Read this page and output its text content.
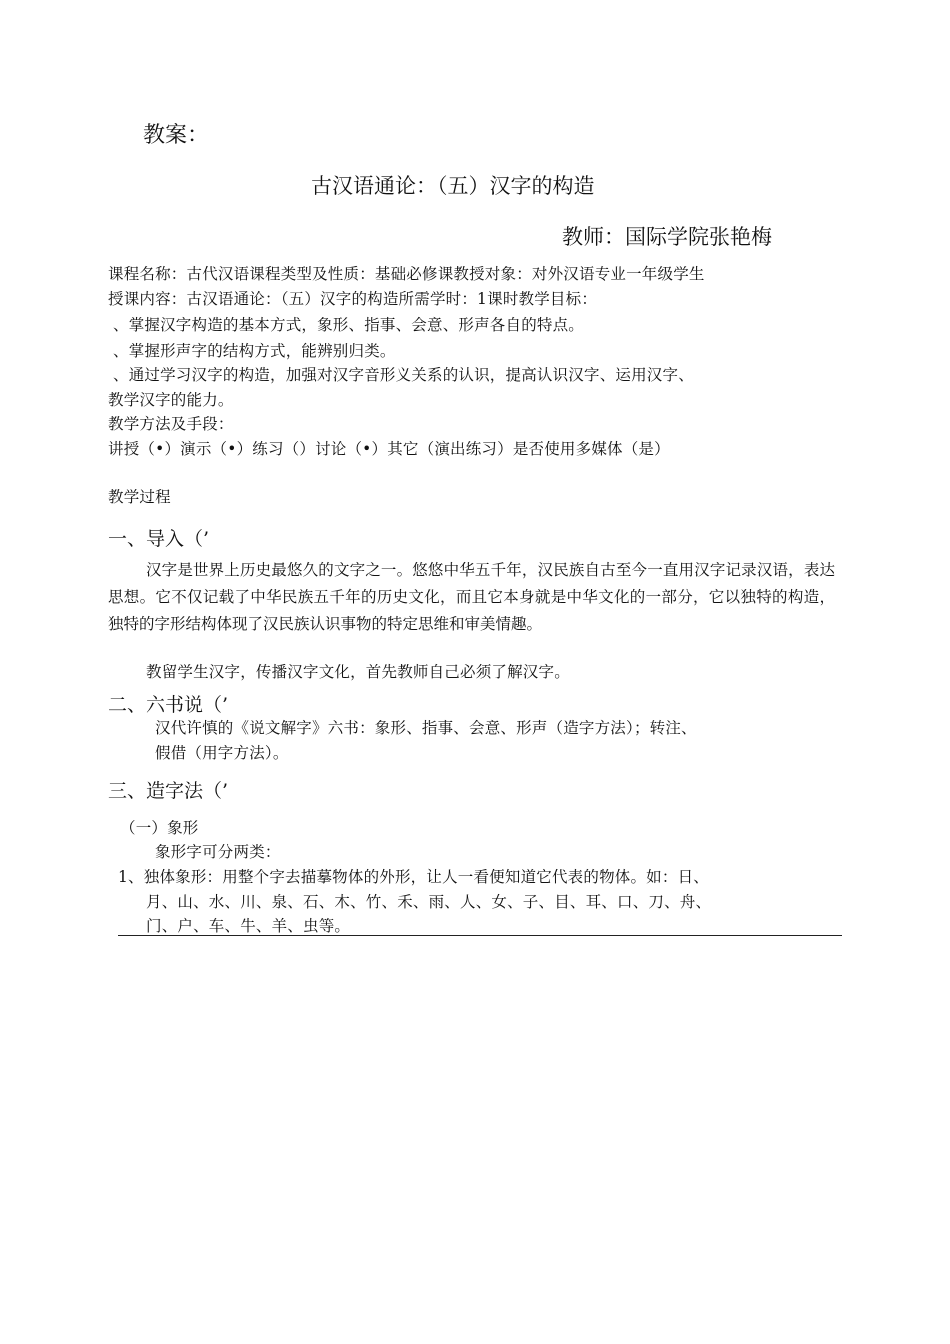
教案：
古汉语通论：（五）汉字的构造
教师：国际学院张艳梅
课程名称：古代汉语课程类型及性质：基础必修课教授对象：对外汉语专业一年级学生
授课内容：古汉语通论：（五）汉字的构造所需学时：1课时教学目标：
、掌握汉字构造的基本方式，象形、指事、会意、形声各自的特点。
、掌握形声字的结构方式，能辨别归类。
、通过学习汉字的构造，加强对汉字音形义关系的认识，提高认识汉字、运用汉字、
教学汉字的能力。
教学方法及手段：
讲授（•）演示（•）练习（）讨论（•）其它（演出练习）是否使用多媒体（是）
教学过程
一、导入（’
汉字是世界上历史最悠久的文字之一。悠悠中华五千年，汉民族自古至今一直用汉字记录汉语，表达思想。它不仅记载了中华民族五千年的历史文化，而且它本身就是中华文化的一部分，它以独特的构造，独特的字形结构体现了汉民族认识事物的特定思维和审美情趣。
教留学生汉字，传播汉字文化，首先教师自己必须了解汉字。
二、六书说（’
汉代许慎的《说文解字》六书：象形、指事、会意、形声（造字方法）；转注、
假借（用字方法）。
三、造字法（’
（一）象形
象形字可分两类：
1、独体象形：用整个字去描摹物体的外形，让人一看便知道它代表的物体。如：日、
月、山、水、川、泉、石、木、竹、禾、雨、人、女、子、目、耳、口、刀、舟、
门、户、车、牛、羊、虫等。
